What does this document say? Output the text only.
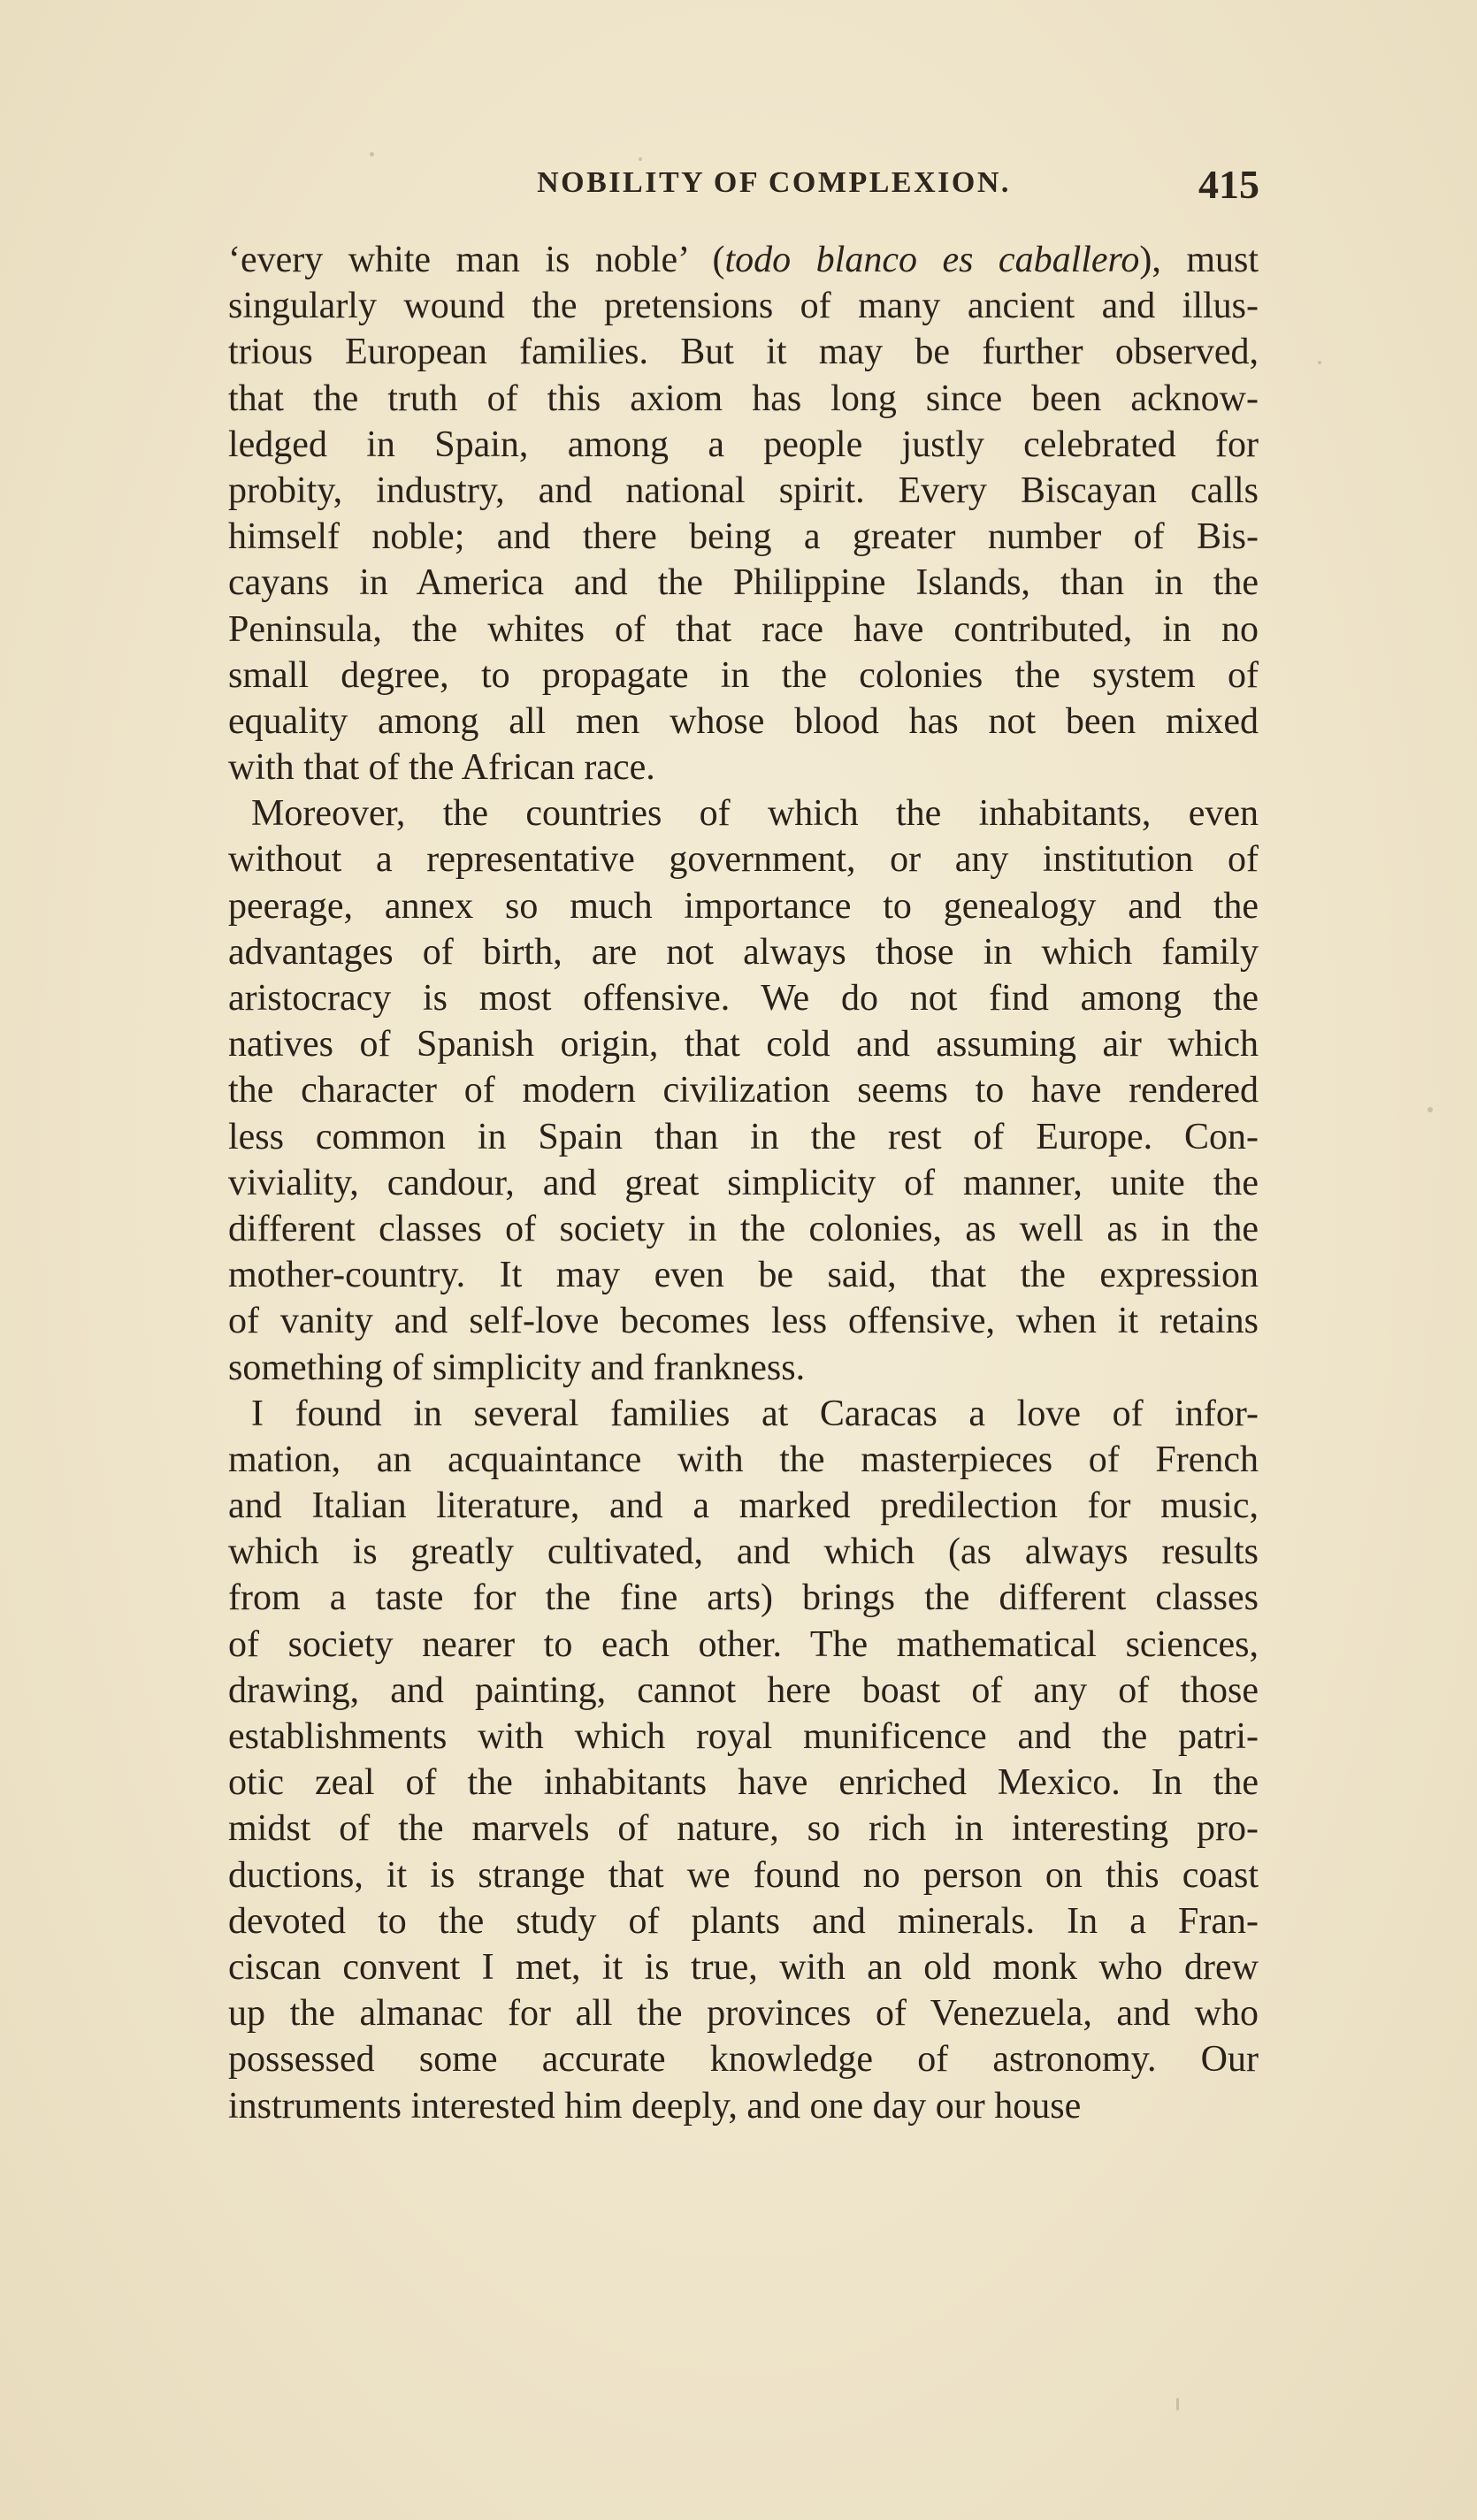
NOBILITY OF COMPLEXION.	415
‘every white man is noble’ (todo blanco es caballero), must
singularly wound the pretensions of many ancient and illus-
trious European families. But it may be further observed,
that the truth of this axiom has long since been acknow-
ledged in Spain, among a people justly celebrated for
probity, industry, and national spirit. Every Biscayan calls
himself noble; and there being a greater number of Bis-
cayans in America and the Philippine Islands, than in the
Peninsula, the whites of that race have contributed, in no
small degree, to propagate in the colonies the system of
equality among all men whose blood has not been mixed
with that of the African race.
Moreover, the countries of which the inhabitants, even
without a representative government, or any institution of
peerage, annex so much importance to genealogy and the
advantages of birth, are not always those in which family
aristocracy is most offensive. We do not find among the
natives of Spanish origin, that cold and assuming air which
the character of modern civilization seems to have rendered
less common in Spain than in the rest of Europe. Con-
viviality, candour, and great simplicity of manner, unite the
different classes of society in the colonies, as well as in the
mother-country. It may even be said, that the expression
of vanity and self-love becomes less offensive, when it retains
something of simplicity and frankness.
I found in several families at Caracas a love of infor-
mation, an acquaintance with the masterpieces of French
and Italian literature, and a marked predilection for music,
which is greatly cultivated, and which (as always results
from a taste for the fine arts) brings the different classes
of society nearer to each other. The mathematical sciences,
drawing, and painting, cannot here boast of any of those
establishments with which royal munificence and the patri-
otic zeal of the inhabitants have enriched Mexico. In the
midst of the marvels of nature, so rich in interesting pro-
ductions, it is strange that we found no person on this coast
devoted to the study of plants and minerals. In a Fran-
ciscan convent I met, it is true, with an old monk who drew
up the almanac for all the provinces of Venezuela, and who
possessed some accurate knowledge of astronomy. Our
instruments interested him deeply, and one day our house
